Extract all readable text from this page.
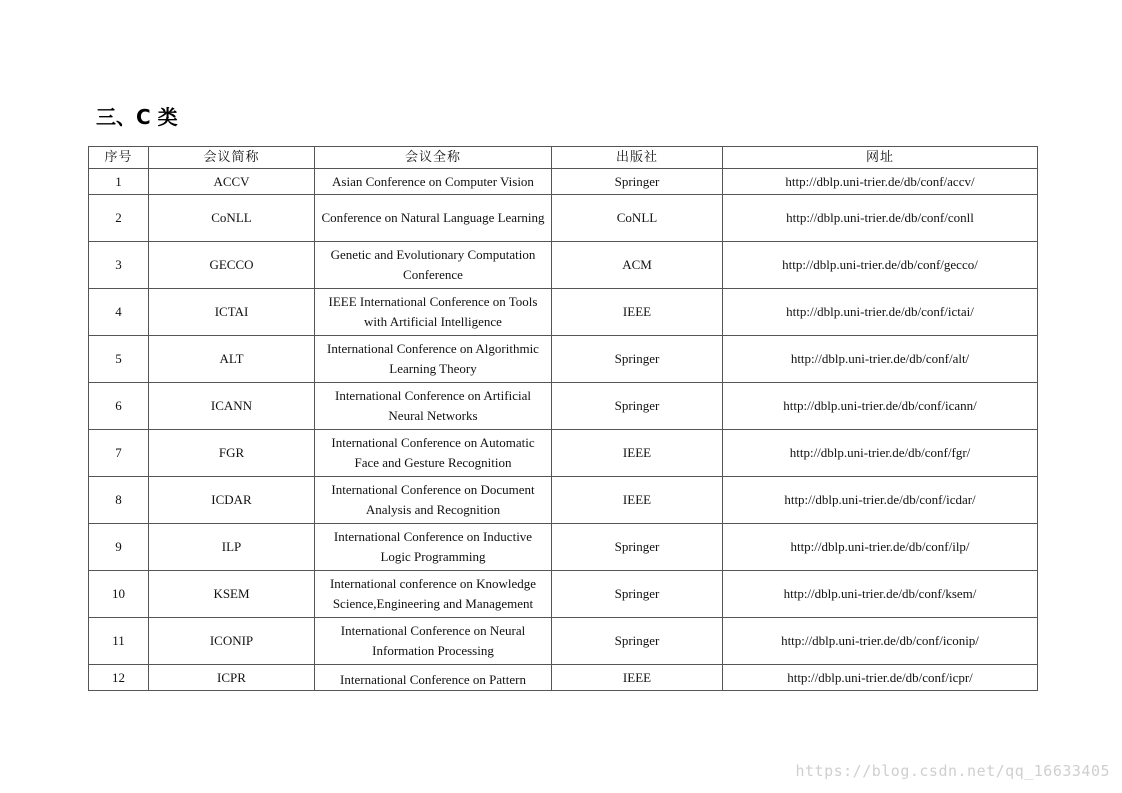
三、C 类
序号	会议简称	会议全称	出版社	网址
1	ACCV	Asian Conference on Computer Vision	Springer	http://dblp.uni-trier.de/db/conf/accv/
2	CoNLL	Conference on Natural Language Learning	CoNLL	http://dblp.uni-trier.de/db/conf/conll
3	GECCO	Genetic and Evolutionary Computation Conference	ACM	http://dblp.uni-trier.de/db/conf/gecco/
4	ICTAI	IEEE International Conference on Tools with Artificial Intelligence	IEEE	http://dblp.uni-trier.de/db/conf/ictai/
5	ALT	International Conference on Algorithmic Learning Theory	Springer	http://dblp.uni-trier.de/db/conf/alt/
6	ICANN	International Conference on Artificial Neural Networks	Springer	http://dblp.uni-trier.de/db/conf/icann/
7	FGR	International Conference on Automatic Face and Gesture Recognition	IEEE	http://dblp.uni-trier.de/db/conf/fgr/
8	ICDAR	International Conference on Document Analysis and Recognition	IEEE	http://dblp.uni-trier.de/db/conf/icdar/
9	ILP	International Conference on Inductive Logic Programming	Springer	http://dblp.uni-trier.de/db/conf/ilp/
10	KSEM	International conference on Knowledge Science,Engineering and Management	Springer	http://dblp.uni-trier.de/db/conf/ksem/
11	ICONIP	International Conference on Neural Information Processing	Springer	http://dblp.uni-trier.de/db/conf/iconip/
12	ICPR	International Conference on Pattern	IEEE	http://dblp.uni-trier.de/db/conf/icpr/
https://blog.csdn.net/qq_16633405
